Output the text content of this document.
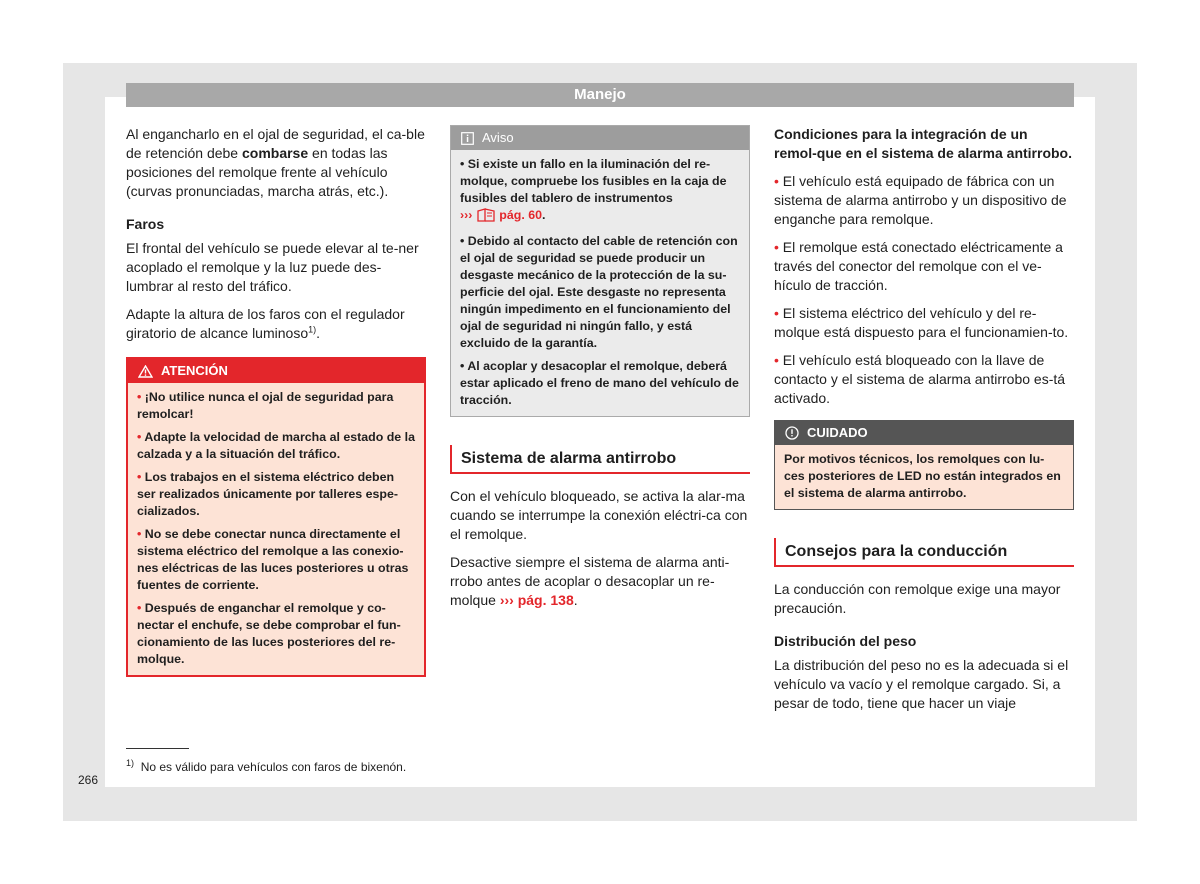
Manejo

Al engancharlo en el ojal de seguridad, el ca-ble de retención debe combarse en todas las posiciones del remolque frente al vehículo (curvas pronunciadas, marcha atrás, etc.).

Faros

El frontal del vehículo se puede elevar al te-ner acoplado el remolque y la luz puede des-lumbrar al resto del tráfico.

Adapte la altura de los faros con el regulador giratorio de alcance luminoso$^{1)}$.

ATENCIÓN
• ¡No utilice nunca el ojal de seguridad para remolcar!
• Adapte la velocidad de marcha al estado de la calzada y a la situación del tráfico.
• Los trabajos en el sistema eléctrico deben ser realizados únicamente por talleres espe-cializados.
• No se debe conectar nunca directamente el sistema eléctrico del remolque a las conexio-nes eléctricas de las luces posteriores u otras fuentes de corriente.
• Después de enganchar el remolque y co-nectar el enchufe, se debe comprobar el fun-cionamiento de las luces posteriores del re-molque.
Aviso
• Si existe un fallo en la iluminación del re-molque, compruebe los fusibles en la caja de fusibles del tablero de instrumentos
››› pág. 60.
• Debido al contacto del cable de retención con el ojal de seguridad se puede producir un desgaste mecánico de la protección de la su-perficie del ojal. Este desgaste no representa ningún impedimento en el funcionamiento del ojal de seguridad ni ningún fallo, y está excluido de la garantía.
• Al acoplar y desacoplar el remolque, deberá estar aplicado el freno de mano del vehículo de tracción.
Sistema de alarma antirrobo

Con el vehículo bloqueado, se activa la alar-ma cuando se interrumpe la conexión eléctri-ca con el remolque.

Desactive siempre el sistema de alarma anti-rrobo antes de acoplar o desacoplar un re-molque ››› pág. 138.

Condiciones para la integración de un remol-que en el sistema de alarma antirrobo.

• El vehículo está equipado de fábrica con un sistema de alarma antirrobo y un dispositivo de enganche para remolque.

• El remolque está conectado eléctricamente a través del conector del remolque con el ve-hículo de tracción.

• El sistema eléctrico del vehículo y del re-molque está dispuesto para el funcionamien-to.

• El vehículo está bloqueado con la llave de contacto y el sistema de alarma antirrobo es-tá activado.

CUIDADO
Por motivos técnicos, los remolques con lu-ces posteriores de LED no están integrados en el sistema de alarma antirrobo.
Consejos para la conducción

La conducción con remolque exige una mayor precaución.

Distribución del peso

La distribución del peso no es la adecuada si el vehículo va vacío y el remolque cargado. Si, a pesar de todo, tiene que hacer un viaje

$^{1)}$ No es válido para vehículos con faros de bixenón.
266
